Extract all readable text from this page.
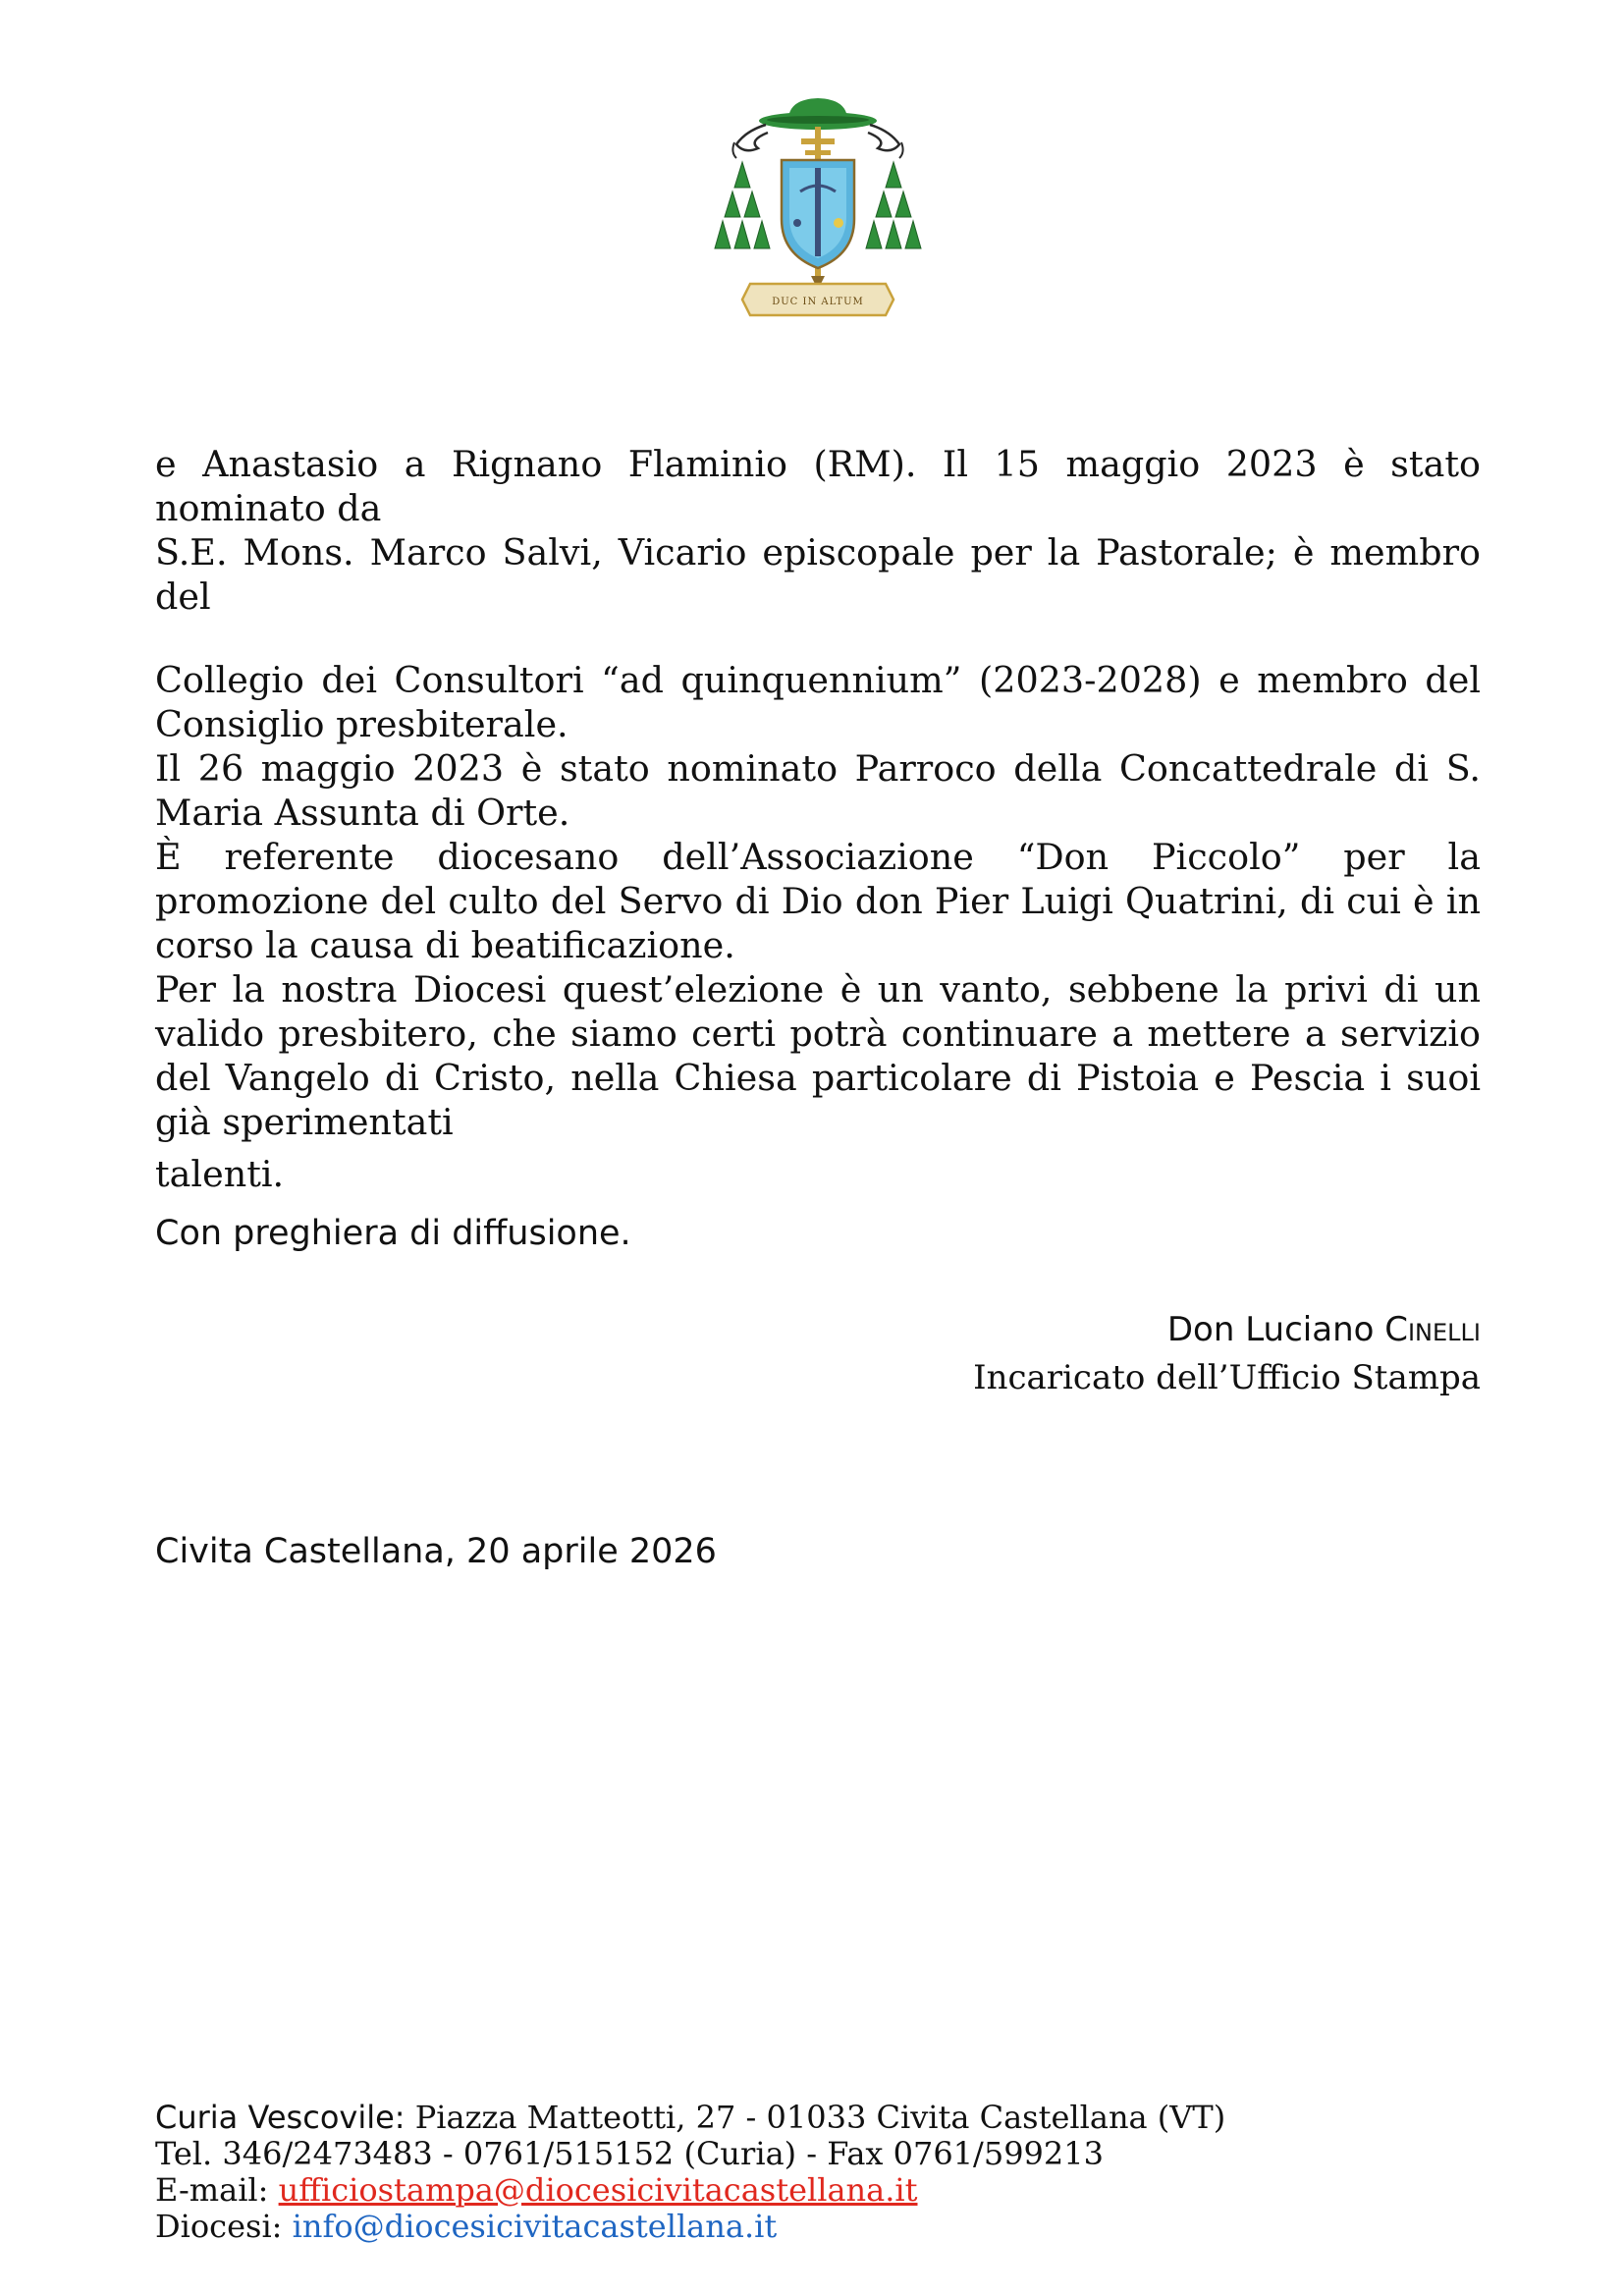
DUC IN ALTUM

e Anastasio a Rignano Flaminio (RM). Il 15 maggio 2023 è stato nominato da

S.E. Mons. Marco Salvi, Vicario episcopale per la Pastorale; è membro del

Collegio dei Consultori “ad quinquennium” (2023-2028) e membro del Consiglio presbiterale.

Il 26 maggio 2023 è stato nominato Parroco della Concattedrale di S. Maria Assunta di Orte.

È referente diocesano dell’Associazione “Don Piccolo” per la promozione del culto del Servo di Dio don Pier Luigi Quatrini, di cui è in corso la causa di beatificazione.

Per la nostra Diocesi quest’elezione è un vanto, sebbene la privi di un valido presbitero, che siamo certi potrà continuare a mettere a servizio del Vangelo di Cristo, nella Chiesa particolare di Pistoia e Pescia i suoi già sperimentati

talenti.

Con preghiera di diffusione.

Don Luciano Cinelli
Incaricato dell’Ufficio Stampa

Civita Castellana, 20 aprile 2026

Curia Vescovile: Piazza Matteotti, 27 - 01033 Civita Castellana (VT)
Tel. 346/2473483 - 0761/515152 (Curia) - Fax 0761/599213
E-mail: ufficiostampa@diocesicivitacastellana.it
Diocesi: info@diocesicivitacastellana.it
